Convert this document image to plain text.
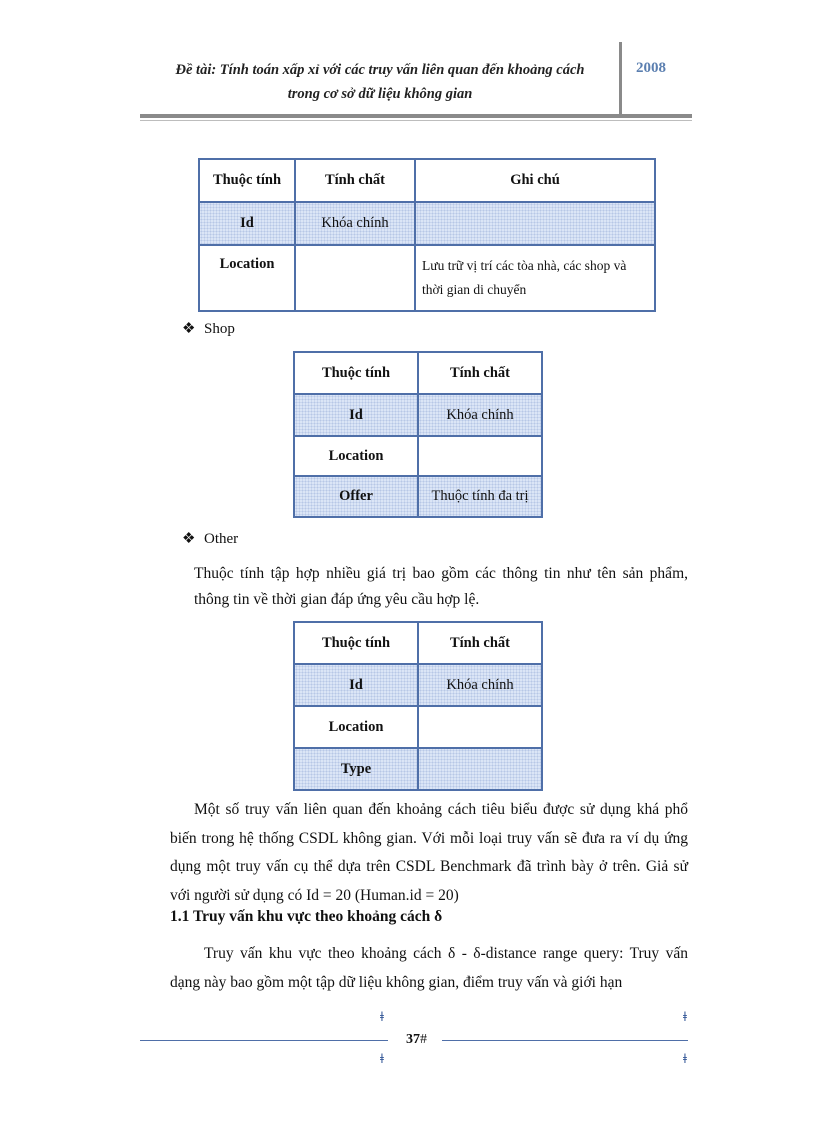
Đề tài: Tính toán xấp xỉ với các truy vấn liên quan đến khoảng cách
trong cơ sở dữ liệu không gian
2008
Thuộc tính	Tính chất	Ghi chú
Id	Khóa chính	
Location		Lưu trữ vị trí các tòa nhà, các shop và thời gian di chuyển
❖ Shop
Thuộc tính	Tính chất
Id	Khóa chính
Location	
Offer	Thuộc tính đa trị
❖ Other
Thuộc tính tập hợp nhiều giá trị bao gồm các thông tin như tên sản phẩm, thông tin về thời gian đáp ứng yêu cầu hợp lệ.
Thuộc tính	Tính chất
Id	Khóa chính
Location	
Type	
Một số truy vấn liên quan đến khoảng cách tiêu biểu được sử dụng khá phổ biến trong hệ thống CSDL không gian. Với mỗi loại truy vấn sẽ đưa ra ví dụ ứng dụng một truy vấn cụ thể dựa trên CSDL Benchmark đã trình bày ở trên. Giả sử với người sử dụng có Id = 20 (Human.id = 20)
1.1 Truy vấn khu vực theo khoảng cách δ
Truy vấn khu vực theo khoảng cách δ - δ-distance range query: Truy vấn dạng này bao gồm một tập dữ liệu không gian, điểm truy vấn và giới hạn
ǂ
ǂ
ǂ
ǂ
37#
